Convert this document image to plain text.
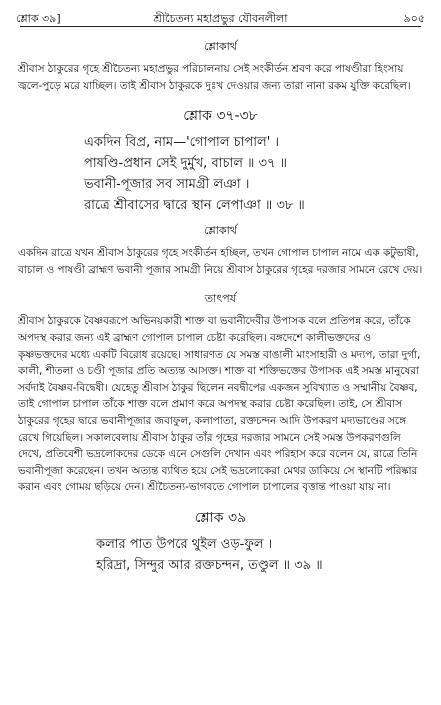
শ্লোক ৩৯]	শ্রীচৈতন্য মহাপ্রভুর যৌবনলীলা	৯০৫
শ্লোকার্থ
শ্রীবাস ঠাকুরের গৃহে শ্রীচৈতন্য মহাপ্রভুর পরিচালনায় সেই সংকীর্তন শ্রবণ করে পাষণ্ডীরা হিংসায় জ্বলে-পুড়ে মরে যাচ্ছিল। তাই শ্রীবাস ঠাকুরকে দুঃখ দেওয়ার জন্য তারা নানা রকম যুক্তি করেছিল।
শ্লোক ৩৭-৩৮
একদিন বিপ্র, নাম—'গোপাল চাপাল' ।
পাষণ্ডি-প্রধান সেই দুর্মুখ, বাচাল ॥ ৩৭ ॥
ভবানী-পূজার সব সামগ্রী লঞা ।
রাত্রে শ্রীবাসের দ্বারে স্থান লেপাঞা ॥ ৩৮ ॥
শ্লোকার্থ
একদিন রাত্রে যখন শ্রীবাস ঠাকুরের গৃহে সংকীর্তন হচ্ছিল, তখন গোপাল চাপাল নামে এক কটুভাষী, বাচাল ও পাষণ্ডী ব্রাহ্মণ ভবানী পূজার সামগ্রী নিয়ে শ্রীবাস ঠাকুরের গৃহের দরজার সামনে রেখে দেয়।
তাৎপর্য
শ্রীবাস ঠাকুরকে বৈষ্ণবরূপে অভিনয়কারী শাক্ত বা ভবানীদেবীর উপাসক বলে প্রতিপন্ন করে, তাঁকে অপদস্থ করার জন্য এই ব্রাহ্মণ গোপাল চাপাল চেষ্টা করেছিল। বঙ্গদেশে কালীভক্তদের ও কৃষ্ণভক্তদের মধ্যে একটি বিরোধ রয়েছে। সাধারণত যে সমস্ত বাঙালী মাংসাহারী ও মদ্যপ, তারা দুর্গা, কালী, শীতলা ও চণ্ডী পূজার প্রতি অত্যন্ত আসক্ত। শাক্ত বা শক্তিভক্তের উপাসক এই সমস্ত মানুষেরা সর্বদাই বৈষ্ণব-বিদ্বেষী। যেহেতু শ্রীবাস ঠাকুর ছিলেন নবদ্বীপের একজন সুবিখ্যাত ও সম্মানীয় বৈষ্ণব, তাই গোপাল চাপাল তাঁকে শাক্ত বলে প্রমাণ করে অপদস্থ করার চেষ্টা করেছিল। তাই, সে শ্রীবাস ঠাকুরের গৃহের দ্বারে ভবানীপূজার জবাফুল, কলাপাতা, রক্তচন্দন আদি উপকরণ মদ্যভাণ্ডের সঙ্গে রেখে গিয়েছিল। সকালবেলায় শ্রীবাস ঠাকুর তাঁর গৃহের দরজার সামনে সেই সমস্ত উপকরণগুলি দেখে, প্রতিবেশী ভদ্রলোকদের ডেকে এনে সেগুলি দেখান এবং পরিহাস করে বলেন যে, রাত্রে তিনি ভবানীপূজা করেছেন। তখন অত্যন্ত ব্যথিত হয়ে সেই ভদ্রলোকেরা মেথর ডাকিয়ে সে স্থানটি পরিষ্কার করান এবং গোময় ছড়িয়ে দেন। শ্রীচৈতন্য-ভাগবতে গোপাল চাপালের বৃত্তান্ত পাওয়া যায় না।
শ্লোক ৩৯
কলার পাত উপরে থুইল ওড়-ফুল ।
হরিদ্রা, সিন্দুর আর রক্তচন্দন, তণ্ডুল ॥ ৩৯ ॥
